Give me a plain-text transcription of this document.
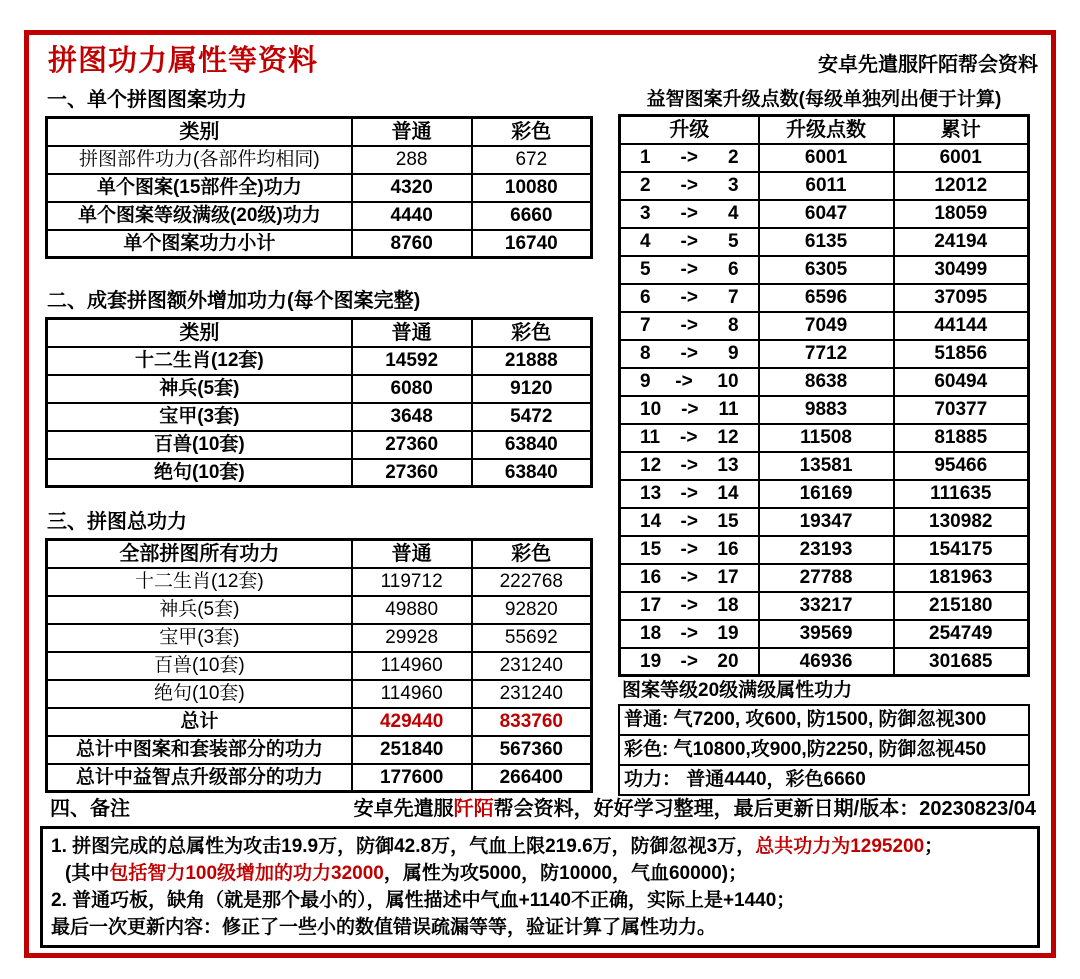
拼图功力属性等资料	安卓先遣服阡陌帮会资料
一、单个拼图图案功力
类别	普通	彩色
拼图部件功力(各部件均相同)	288	672
单个图案(15部件全)功力	4320	10080
单个图案等级满级(20级)功力	4440	6660
单个图案功力小计	8760	16740
二、成套拼图额外增加功力(每个图案完整)
类别	普通	彩色
十二生肖(12套)	14592	21888
神兵(5套)	6080	9120
宝甲(3套)	3648	5472
百兽(10套)	27360	63840
绝句(10套)	27360	63840
三、拼图总功力
全部拼图所有功力	普通	彩色
十二生肖(12套)	119712	222768
神兵(5套)	49880	92820
宝甲(3套)	29928	55692
百兽(10套)	114960	231240
绝句(10套)	114960	231240
总计	429440	833760
总计中图案和套装部分的功力	251840	567360
总计中益智点升级部分的功力	177600	266400
益智图案升级点数(每级单独列出便于计算)
升级	升级点数	累计

1 -> 2	6001	6001

2 -> 3	6011	12012

3 -> 4	6047	18059

4 -> 5	6135	24194

5 -> 6	6305	30499

6 -> 7	6596	37095

7 -> 8	7049	44144

8 -> 9	7712	51856

9 -> 10	8638	60494

10 -> 11	9883	70377

11 -> 12	11508	81885

12 -> 13	13581	95466

13 -> 14	16169	111635

14 -> 15	19347	130982

15 -> 16	23193	154175

16 -> 17	27788	181963

17 -> 18	33217	215180

18 -> 19	39569	254749

19 -> 20	46936	301685
图案等级20级满级属性功力
普通: 气7200, 攻600, 防1500, 防御忽视300
彩色: 气10800,攻900,防2250, 防御忽视450
功力： 普通4440，彩色6660
四、备注	安卓先遣服阡陌帮会资料，好好学习整理，最后更新日期/版本：20230823/04
1. 拼图完成的总属性为攻击19.9万，防御42.8万，气血上限219.6万，防御忽视3万，总共功力为1295200；
(其中包括智力100级增加的功力32000，属性为攻5000，防10000，气血60000)；
2. 普通巧板，缺角（就是那个最小的），属性描述中气血+1140不正确，实际上是+1440；
最后一次更新内容：修正了一些小的数值错误疏漏等等，验证计算了属性功力。
